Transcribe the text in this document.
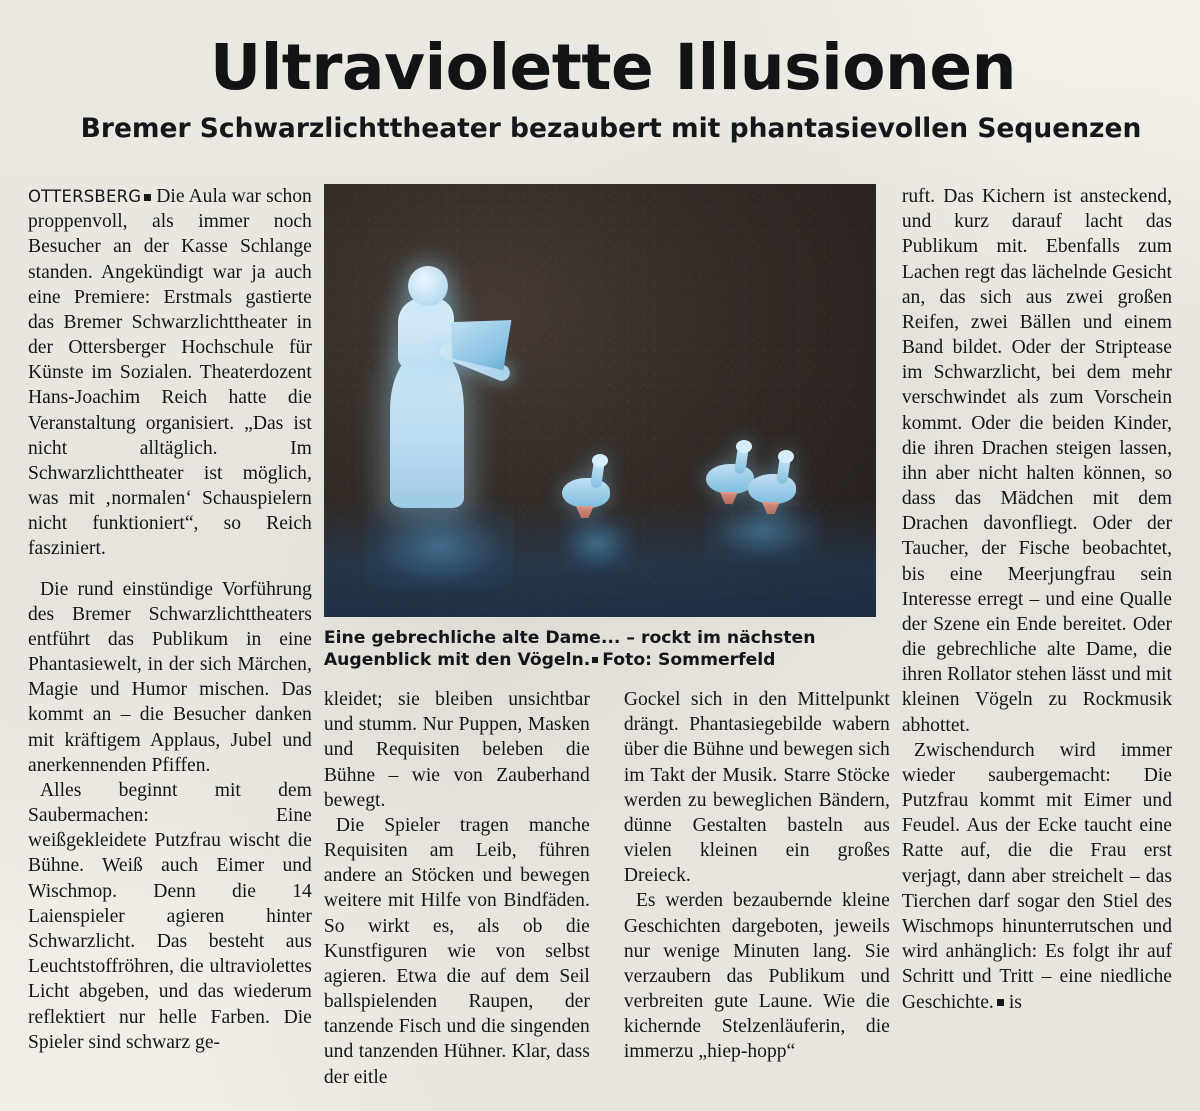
Ultraviolette Illusionen
Bremer Schwarzlichttheater bezaubert mit phantasievollen Sequenzen

OTTERSBERG Die Aula war schon proppenvoll, als immer noch Besucher an der Kasse Schlange standen. Angekündigt war ja auch eine Premiere: Erstmals gastierte das Bremer Schwarzlichttheater in der Ottersberger Hochschule für Künste im Sozialen. Theaterdozent Hans-Joachim Reich hatte die Veranstaltung organisiert. „Das ist nicht alltäglich. Im Schwarzlichttheater ist möglich, was mit ‚normalen‘ Schauspielern nicht funktioniert“, so Reich fasziniert.

Die rund einstündige Vorführung des Bremer Schwarzlichttheaters entführt das Publikum in eine Phantasiewelt, in der sich Märchen, Magie und Humor mischen. Das kommt an – die Besucher danken mit kräftigem Applaus, Jubel und anerkennenden Pfiffen.

Alles beginnt mit dem Saubermachen: Eine weißgekleidete Putzfrau wischt die Bühne. Weiß auch Eimer und Wischmop. Denn die 14 Laienspieler agieren hinter Schwarzlicht. Das besteht aus Leuchtstoffröhren, die ultraviolettes Licht abgeben, und das wiederum reflektiert nur helle Farben. Die Spieler sind schwarz ge-

Eine gebrechliche alte Dame... – rockt im nächsten Augenblick mit den Vögeln. Foto: Sommerfeld

kleidet; sie bleiben unsichtbar und stumm. Nur Puppen, Masken und Requisiten beleben die Bühne – wie von Zauberhand bewegt.

Die Spieler tragen manche Requisiten am Leib, führen andere an Stöcken und bewegen weitere mit Hilfe von Bindfäden. So wirkt es, als ob die Kunstfiguren wie von selbst agieren. Etwa die auf dem Seil ballspielenden Raupen, der tanzende Fisch und die singenden und tanzenden Hühner. Klar, dass der eitle

Gockel sich in den Mittelpunkt drängt. Phantasiegebilde wabern über die Bühne und bewegen sich im Takt der Musik. Starre Stöcke werden zu beweglichen Bändern, dünne Gestalten basteln aus vielen kleinen ein großes Dreieck.

Es werden bezaubernde kleine Geschichten dargeboten, jeweils nur wenige Minuten lang. Sie verzaubern das Publikum und verbreiten gute Laune. Wie die kichernde Stelzenläuferin, die immerzu „hiep-hopp“

ruft. Das Kichern ist ansteckend, und kurz darauf lacht das Publikum mit. Ebenfalls zum Lachen regt das lächelnde Gesicht an, das sich aus zwei großen Reifen, zwei Bällen und einem Band bildet. Oder der Striptease im Schwarzlicht, bei dem mehr verschwindet als zum Vorschein kommt. Oder die beiden Kinder, die ihren Drachen steigen lassen, ihn aber nicht halten können, so dass das Mädchen mit dem Drachen davonfliegt. Oder der Taucher, der Fische beobachtet, bis eine Meerjungfrau sein Interesse erregt – und eine Qualle der Szene ein Ende bereitet. Oder die gebrechliche alte Dame, die ihren Rollator stehen lässt und mit kleinen Vögeln zu Rockmusik abhottet.

Zwischendurch wird immer wieder saubergemacht: Die Putzfrau kommt mit Eimer und Feudel. Aus der Ecke taucht eine Ratte auf, die die Frau erst verjagt, dann aber streichelt – das Tierchen darf sogar den Stiel des Wischmops hinunterrutschen und wird anhänglich: Es folgt ihr auf Schritt und Tritt – eine niedliche Geschichte. is
